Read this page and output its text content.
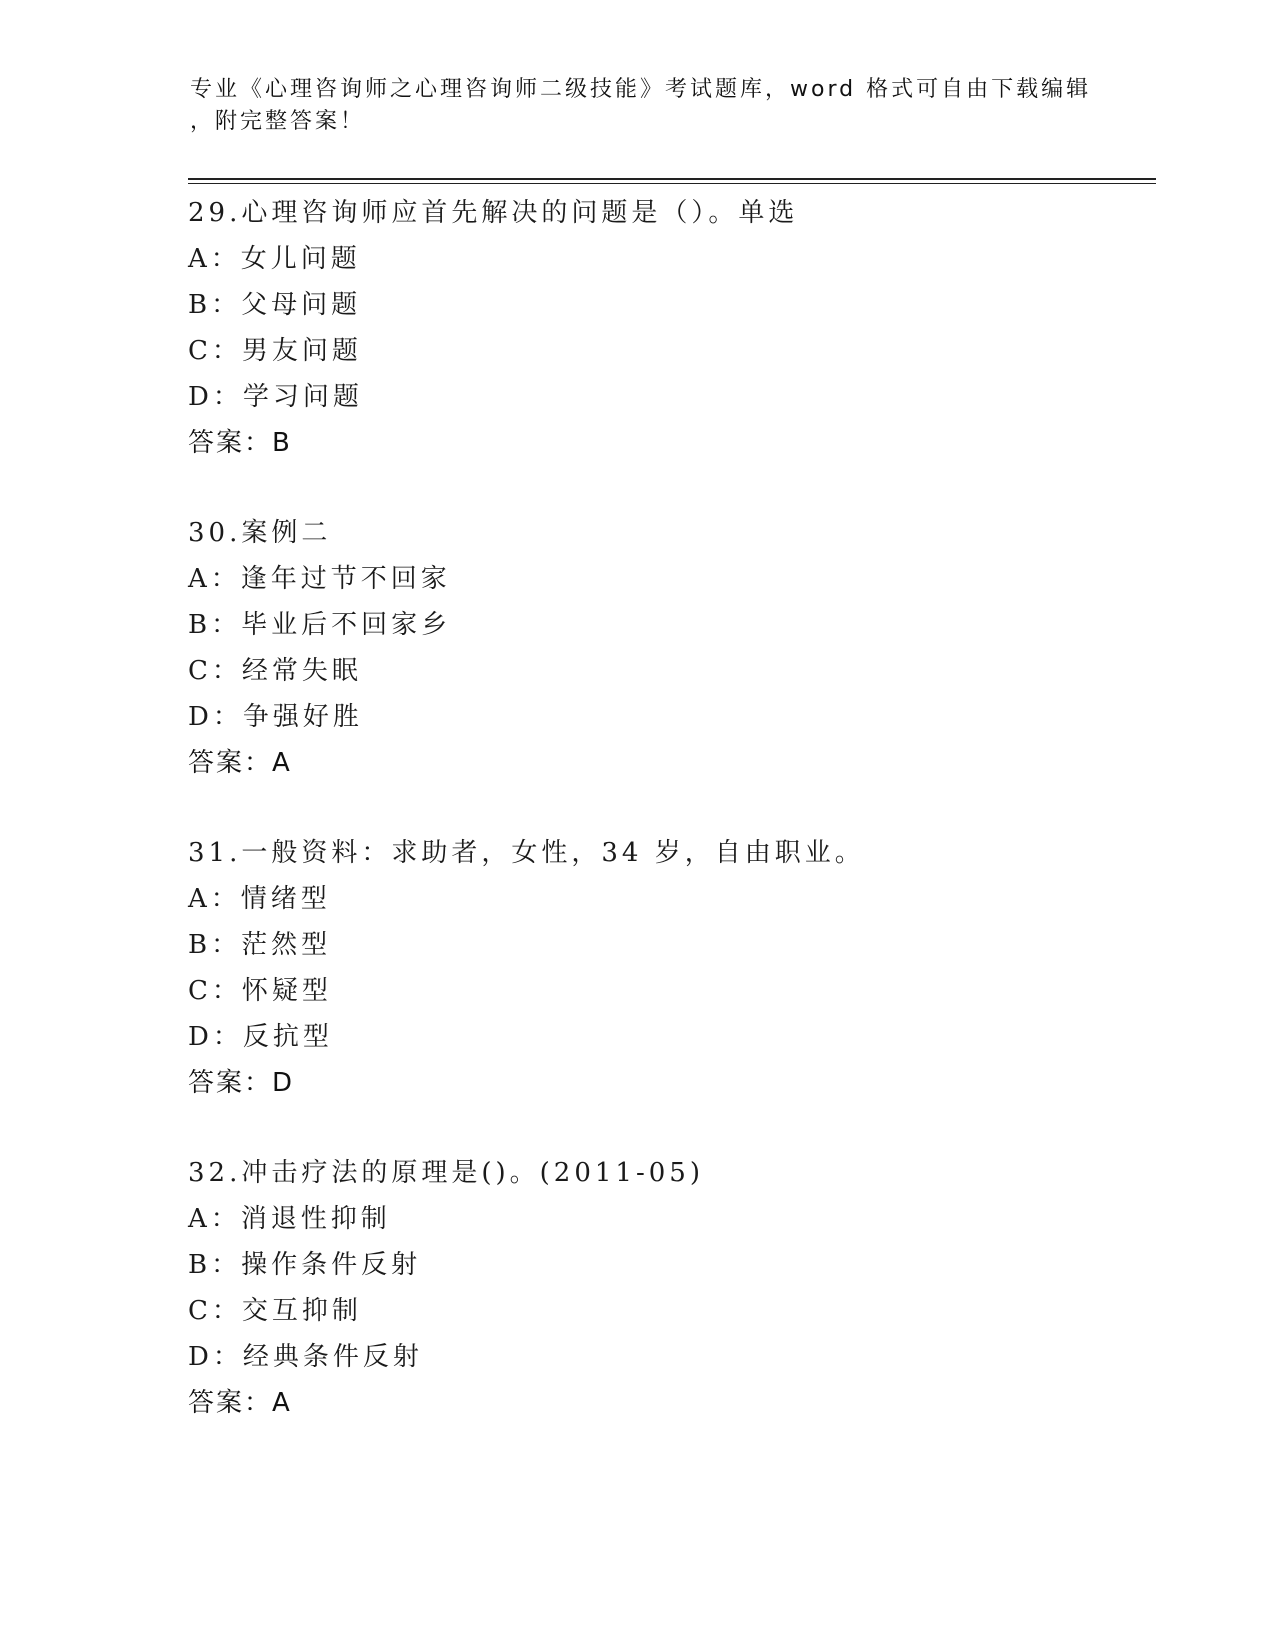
专业《心理咨询师之心理咨询师二级技能》考试题库，word 格式可自由下载编辑
，附完整答案！
29.心理咨询师应首先解决的问题是（）。单选
A：女儿问题
B：父母问题
C：男友问题
D：学习问题
答案：B
30.案例二
A：逢年过节不回家
B：毕业后不回家乡
C：经常失眠
D：争强好胜
答案：A
31.一般资料：求助者，女性，34 岁，自由职业。
A：情绪型
B：茫然型
C：怀疑型
D：反抗型
答案：D
32.冲击疗法的原理是()。(2011-05)
A：消退性抑制
B：操作条件反射
C：交互抑制
D：经典条件反射
答案：A
